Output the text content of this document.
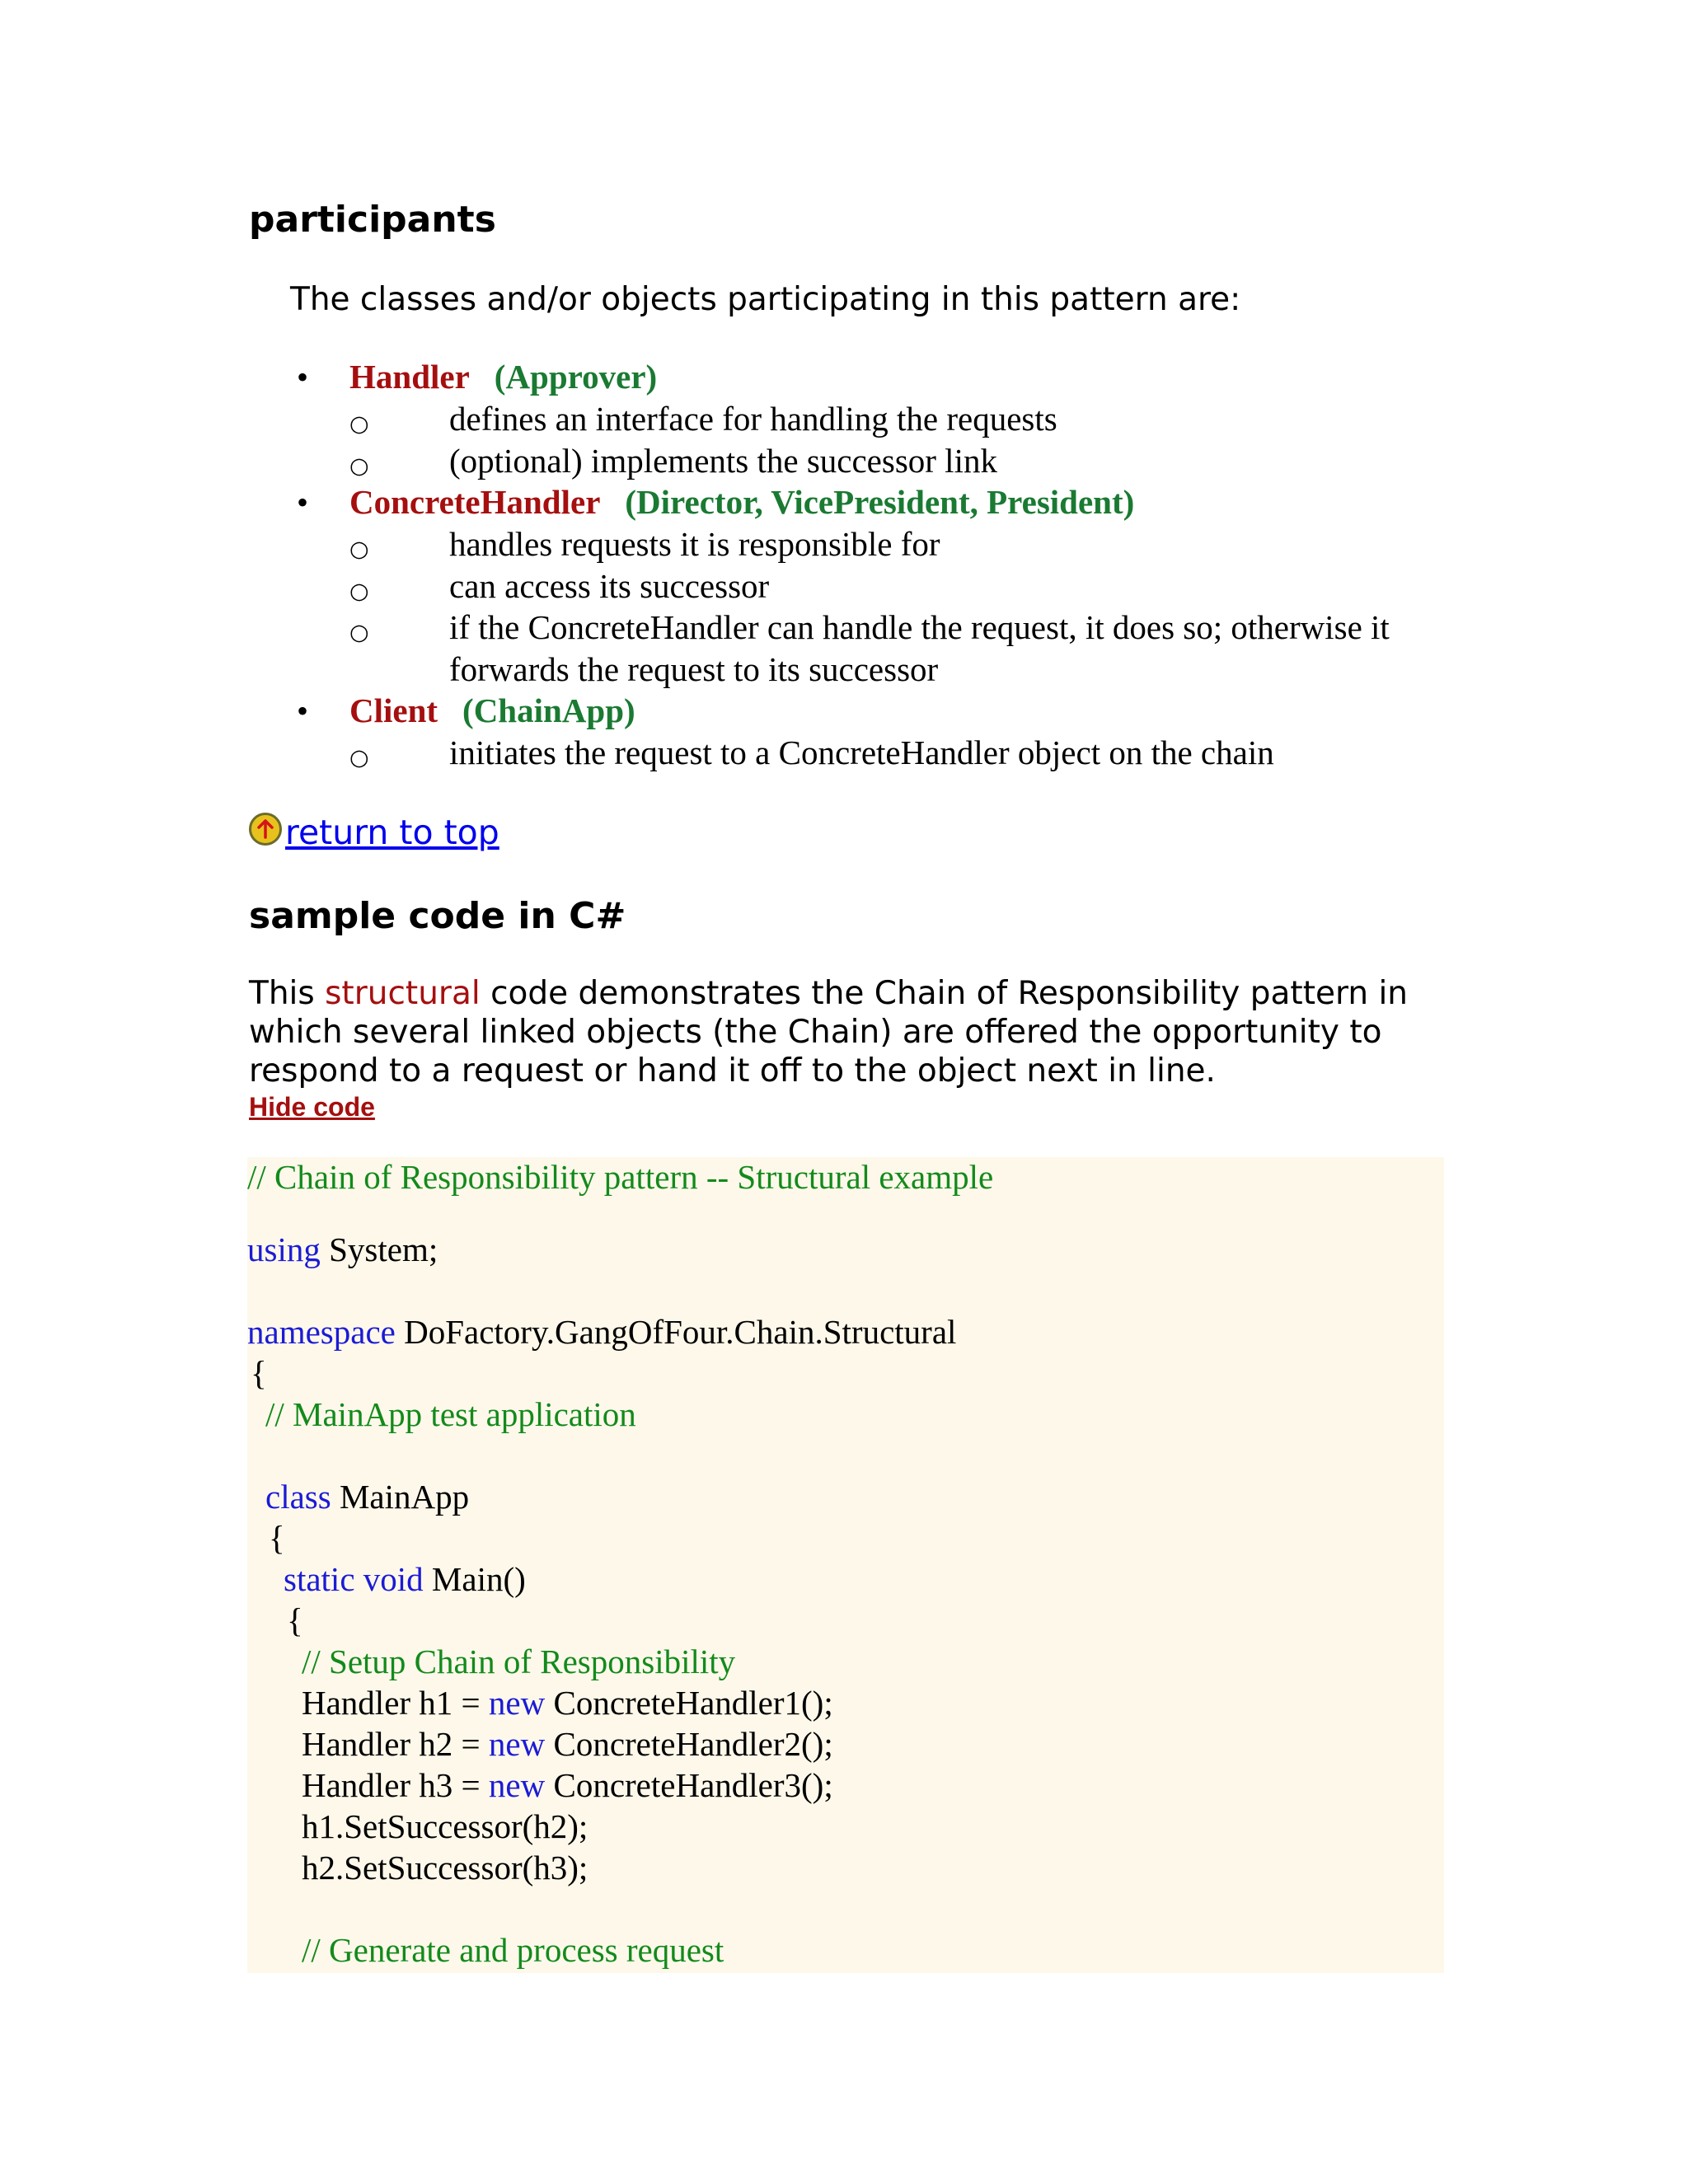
participants
The classes and/or objects participating in this pattern are:
• Handler (Approver)
○ defines an interface for handling the requests
○ (optional) implements the successor link
• ConcreteHandler (Director, VicePresident, President)
○ handles requests it is responsible for
○ can access its successor
○ if the ConcreteHandler can handle the request, it does so; otherwise it forwards the request to its successor
• Client (ChainApp)
○ initiates the request to a ConcreteHandler object on the chain
return to top
sample code in C#
This structural code demonstrates the Chain of Responsibility pattern in which several linked objects (the Chain) are offered the opportunity to respond to a request or hand it off to the object next in line.
Hide code
// Chain of Responsibility pattern -- Structural example
using System;
namespace DoFactory.GangOfFour.Chain.Structural
{
// MainApp test application
class MainApp
{
static void Main()
{
// Setup Chain of Responsibility
Handler h1 = new ConcreteHandler1();
Handler h2 = new ConcreteHandler2();
Handler h3 = new ConcreteHandler3();
h1.SetSuccessor(h2);
h2.SetSuccessor(h3);
// Generate and process request
